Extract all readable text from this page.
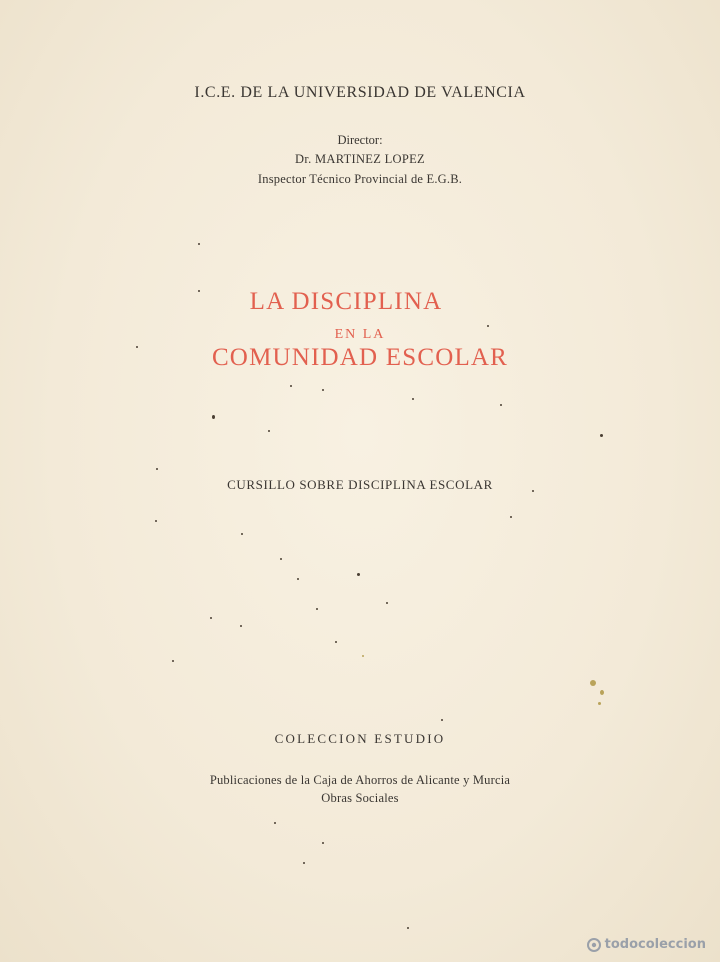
I.C.E. DE LA UNIVERSIDAD DE VALENCIA
Director:
Dr. MARTINEZ LOPEZ
Inspector Técnico Provincial de E.G.B.
LA DISCIPLINA
EN LA
COMUNIDAD ESCOLAR
CURSILLO SOBRE DISCIPLINA ESCOLAR
COLECCION ESTUDIO
Publicaciones de la Caja de Ahorros de Alicante y Murcia
Obras Sociales
todocoleccion
